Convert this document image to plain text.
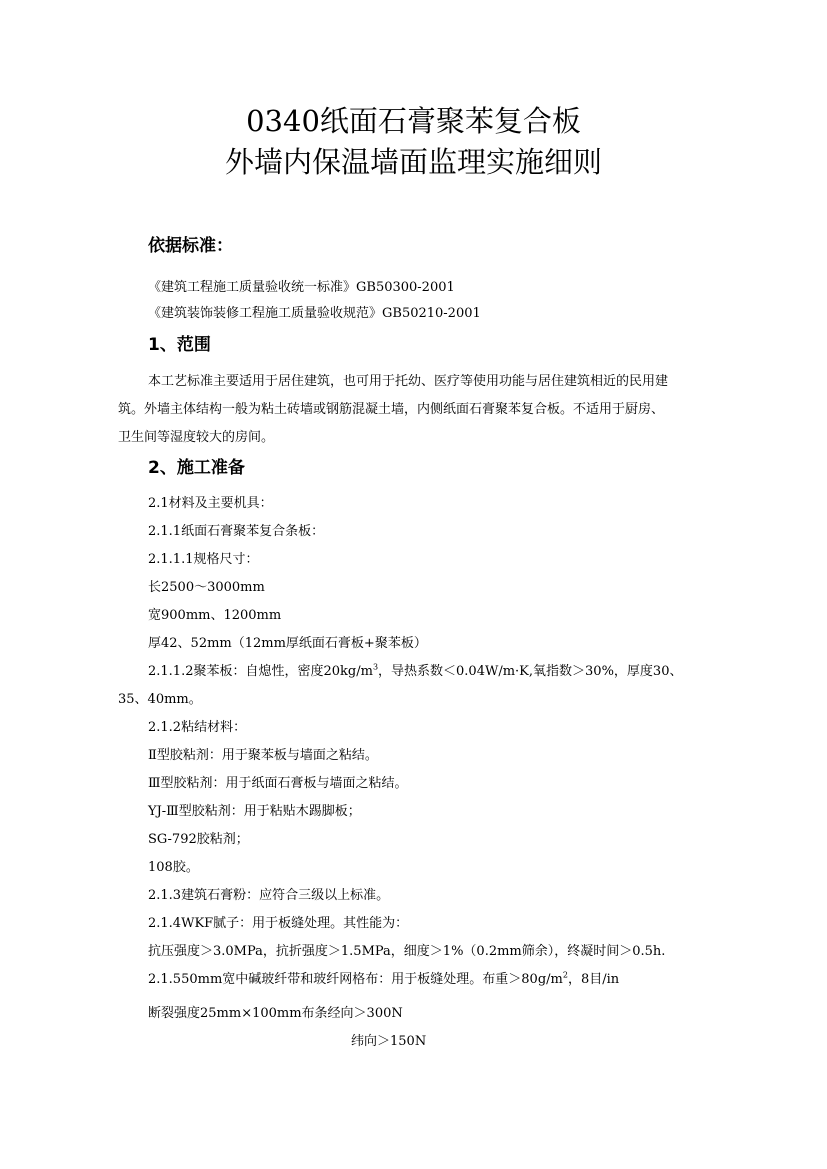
0340纸面石膏聚苯复合板
外墙内保温墙面监理实施细则
依据标准：
《建筑工程施工质量验收统一标准》GB50300-2001
《建筑装饰装修工程施工质量验收规范》GB50210-2001
1、范围
本工艺标准主要适用于居住建筑，也可用于托幼、医疗等使用功能与居住建筑相近的民用建
筑。外墙主体结构一般为粘土砖墙或钢筋混凝土墙，内侧纸面石膏聚苯复合板。不适用于厨房、
卫生间等湿度较大的房间。
2、施工准备
2.1材料及主要机具：
2.1.1纸面石膏聚苯复合条板：
2.1.1.1规格尺寸：
长2500～3000mm
宽900mm、1200mm
厚42、52mm（12mm厚纸面石膏板+聚苯板）
2.1.1.2聚苯板：自熄性，密度$20kg/m^3$，导热系数＜0.04W/m·K,氧指数＞30%，厚度30、
35、40mm。
2.1.2粘结材料：
Ⅱ型胶粘剂：用于聚苯板与墙面之粘结。
Ⅲ型胶粘剂：用于纸面石膏板与墙面之粘结。
YJ-Ⅲ型胶粘剂：用于粘贴木踢脚板；
SG-792胶粘剂；
108胶。
2.1.3建筑石膏粉：应符合三级以上标准。
2.1.4WKF腻子：用于板缝处理。其性能为：
抗压强度＞3.0MPa，抗折强度＞1.5MPa，细度＞1%（0.2mm筛余），终凝时间＞0.5h.
2.1.550mm宽中碱玻纤带和玻纤网格布：用于板缝处理。布重$>80g/m^2$，8目/in
断裂强度25mm×100mm布条经向＞300N
纬向＞150N
